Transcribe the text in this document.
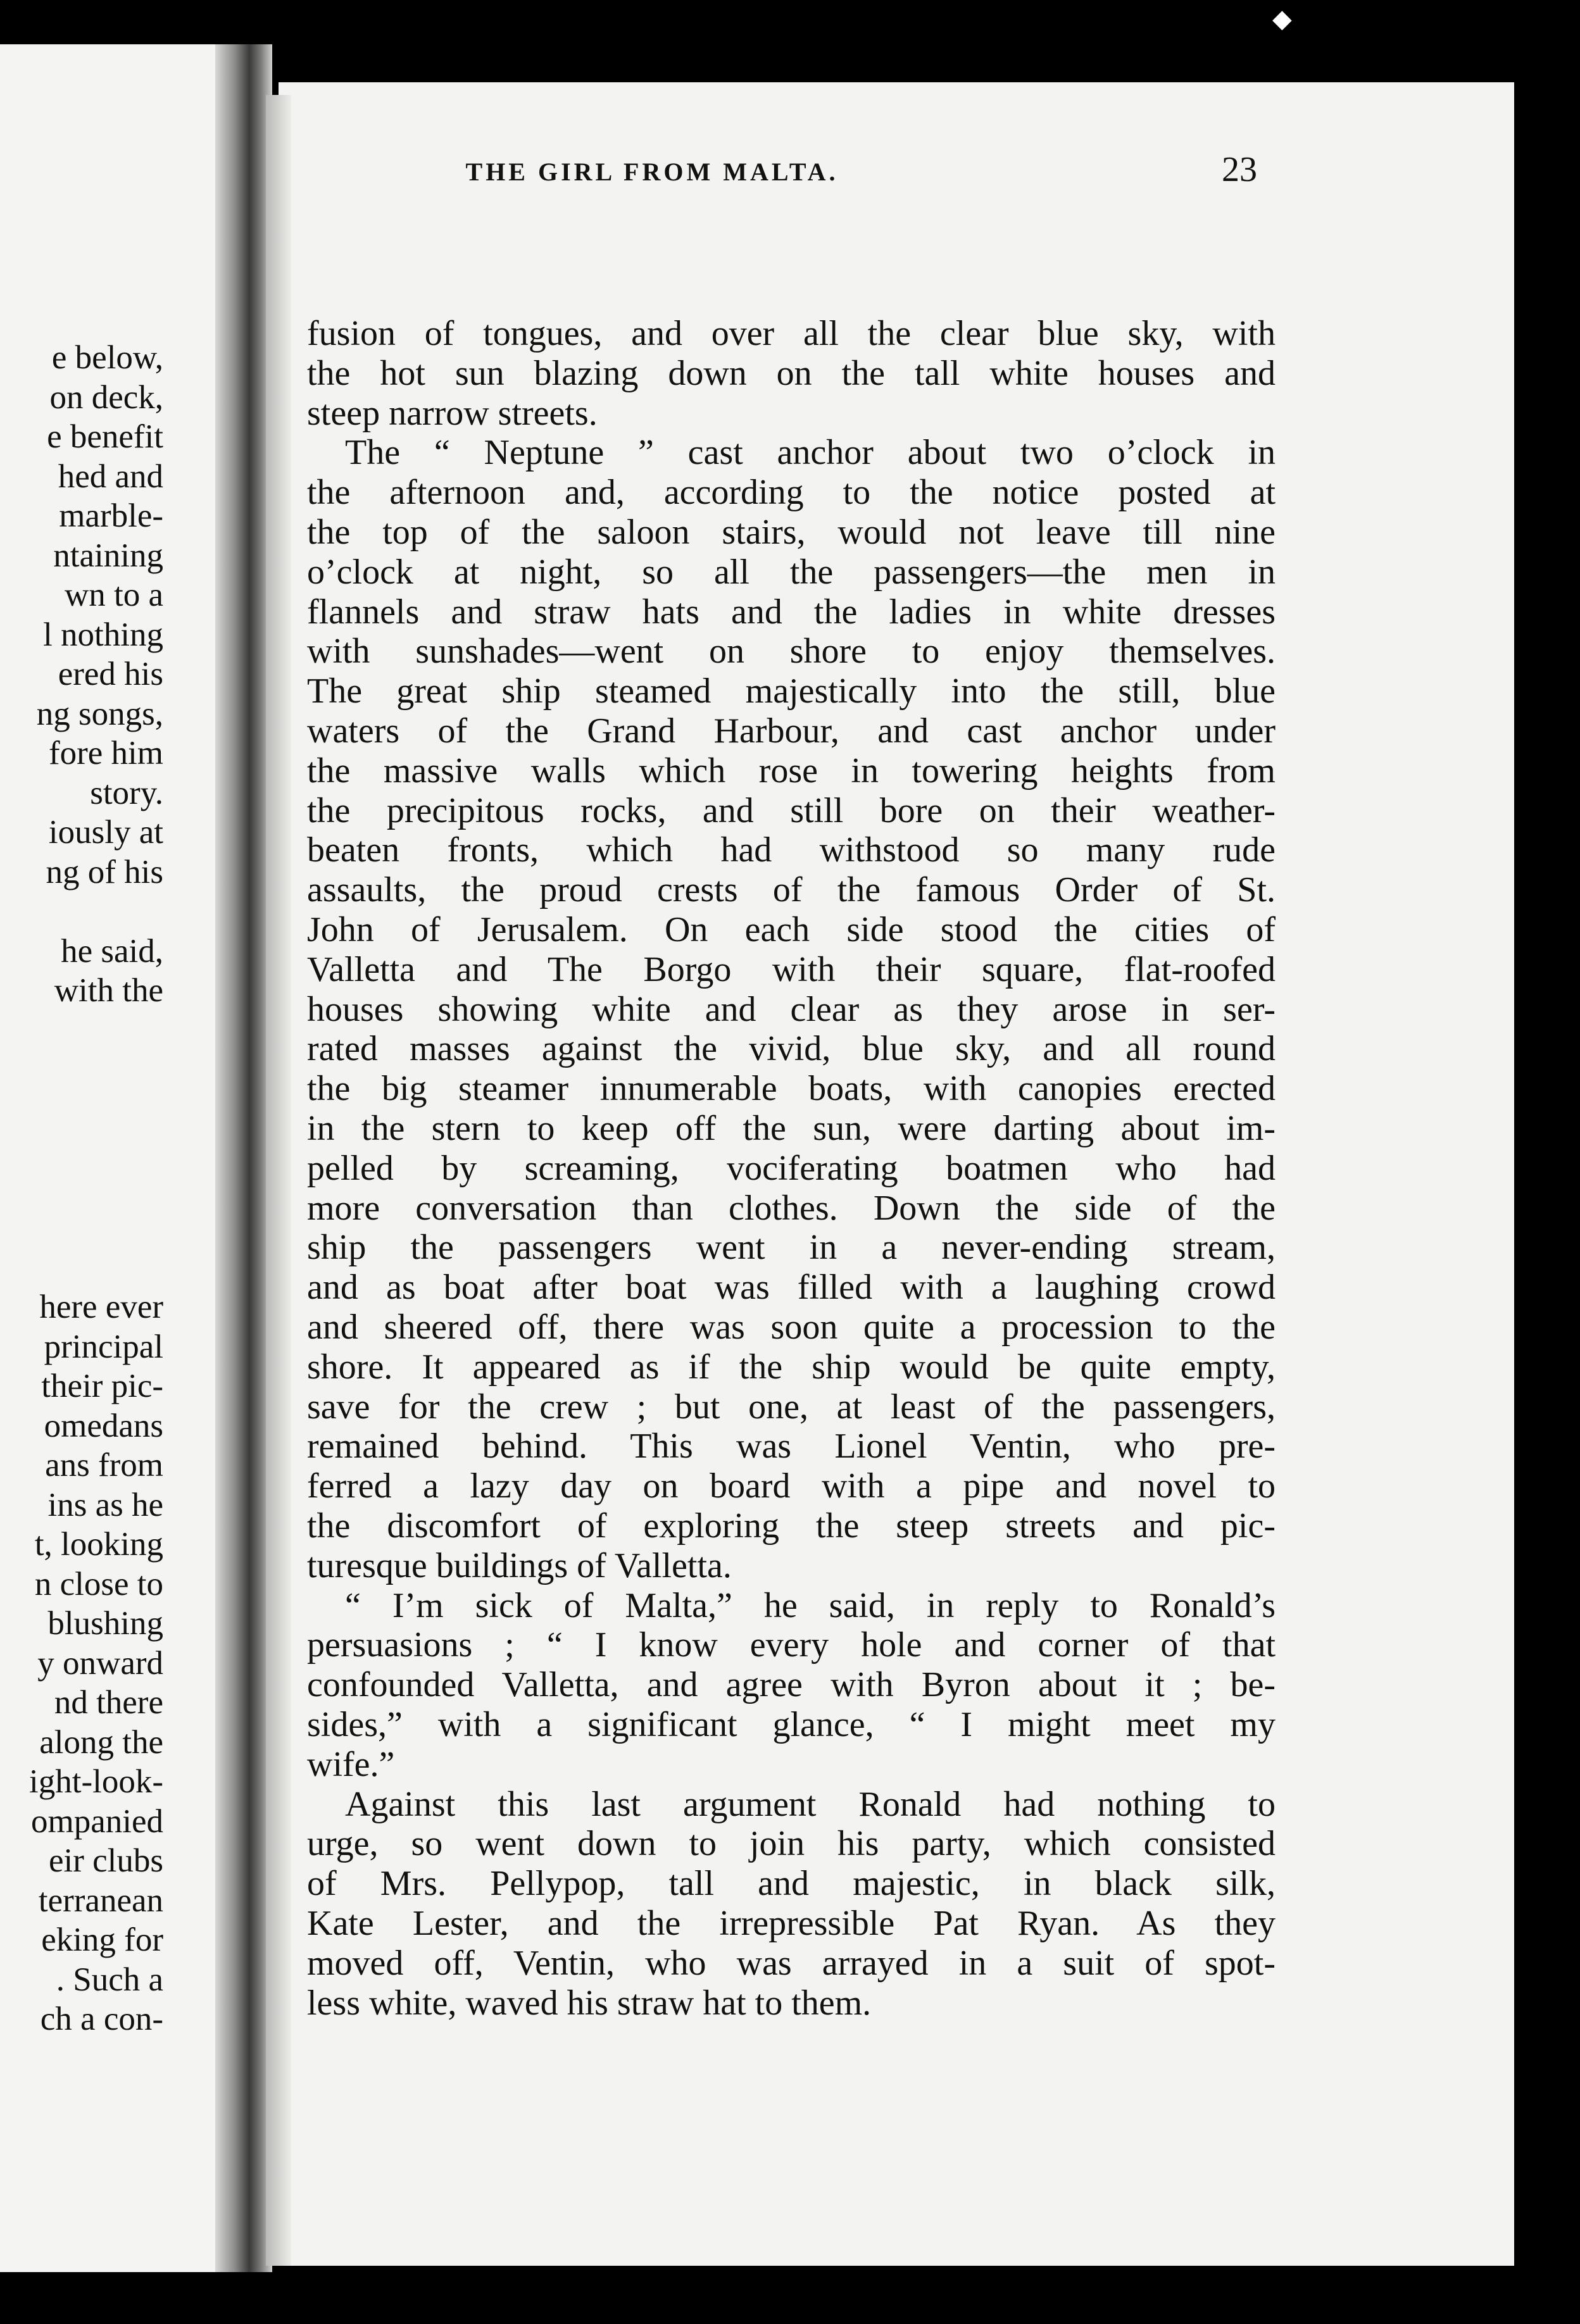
e below,
on deck,
e benefit
hed and
marble-
ntaining
wn to a
l nothing
ered his
ng songs,
fore him
story.
iously at
ng of his
he said,
with the
here ever
principal
their pic-
omedans
ans from
ins as he
t, looking
n close to
blushing
y onward
nd there
along the
ight-look-
ompanied
eir clubs
terranean
eking for
. Such a
ch a con-
THE GIRL FROM MALTA.	23
fusion of tongues, and over all the clear blue sky, with
the hot sun blazing down on the tall white houses and
steep narrow streets.
The “ Neptune ” cast anchor about two o’clock in
the afternoon and, according to the notice posted at
the top of the saloon stairs, would not leave till nine
o’clock at night, so all the passengers—the men in
flannels and straw hats and the ladies in white dresses
with sunshades—went on shore to enjoy themselves.
The great ship steamed majestically into the still, blue
waters of the Grand Harbour, and cast anchor under
the massive walls which rose in towering heights from
the precipitous rocks, and still bore on their weather-
beaten fronts, which had withstood so many rude
assaults, the proud crests of the famous Order of St.
John of Jerusalem. On each side stood the cities of
Valletta and The Borgo with their square, flat-roofed
houses showing white and clear as they arose in ser-
rated masses against the vivid, blue sky, and all round
the big steamer innumerable boats, with canopies erected
in the stern to keep off the sun, were darting about im-
pelled by screaming, vociferating boatmen who had
more conversation than clothes. Down the side of the
ship the passengers went in a never-ending stream,
and as boat after boat was filled with a laughing crowd
and sheered off, there was soon quite a procession to the
shore. It appeared as if the ship would be quite empty,
save for the crew ; but one, at least of the passengers,
remained behind. This was Lionel Ventin, who pre-
ferred a lazy day on board with a pipe and novel to
the discomfort of exploring the steep streets and pic-
turesque buildings of Valletta.
“ I’m sick of Malta,” he said, in reply to Ronald’s
persuasions ; “ I know every hole and corner of that
confounded Valletta, and agree with Byron about it ; be-
sides,” with a significant glance, “ I might meet my
wife.”
Against this last argument Ronald had nothing to
urge, so went down to join his party, which consisted
of Mrs. Pellypop, tall and majestic, in black silk,
Kate Lester, and the irrepressible Pat Ryan. As they
moved off, Ventin, who was arrayed in a suit of spot-
less white, waved his straw hat to them.
◆
